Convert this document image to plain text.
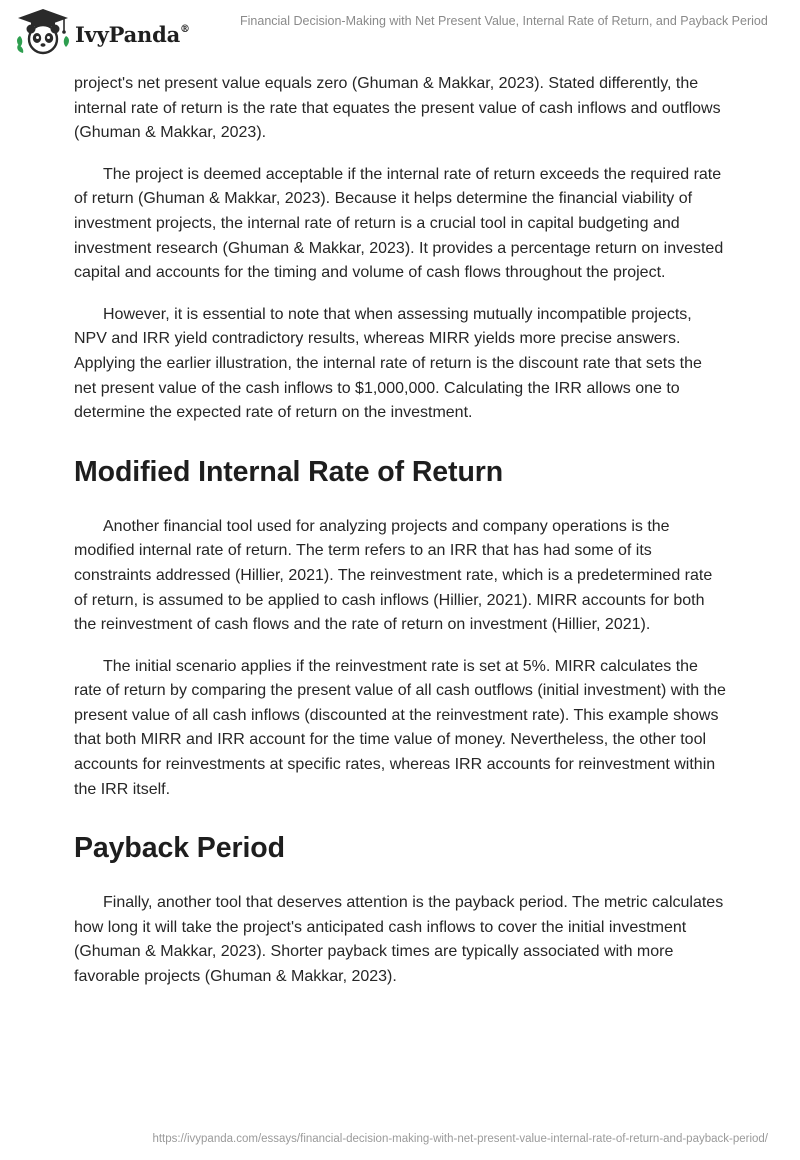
IvyPanda®
Financial Decision-Making with Net Present Value, Internal Rate of Return, and Payback Period

project's net present value equals zero (Ghuman & Makkar, 2023). Stated differently, the internal rate of return is the rate that equates the present value of cash inflows and outflows (Ghuman & Makkar, 2023).

The project is deemed acceptable if the internal rate of return exceeds the required rate of return (Ghuman & Makkar, 2023). Because it helps determine the financial viability of investment projects, the internal rate of return is a crucial tool in capital budgeting and investment research (Ghuman & Makkar, 2023). It provides a percentage return on invested capital and accounts for the timing and volume of cash flows throughout the project.

However, it is essential to note that when assessing mutually incompatible projects, NPV and IRR yield contradictory results, whereas MIRR yields more precise answers. Applying the earlier illustration, the internal rate of return is the discount rate that sets the net present value of the cash inflows to $1,000,000. Calculating the IRR allows one to determine the expected rate of return on the investment.

Modified Internal Rate of Return

Another financial tool used for analyzing projects and company operations is the modified internal rate of return. The term refers to an IRR that has had some of its constraints addressed (Hillier, 2021). The reinvestment rate, which is a predetermined rate of return, is assumed to be applied to cash inflows (Hillier, 2021). MIRR accounts for both the reinvestment of cash flows and the rate of return on investment (Hillier, 2021).

The initial scenario applies if the reinvestment rate is set at 5%. MIRR calculates the rate of return by comparing the present value of all cash outflows (initial investment) with the present value of all cash inflows (discounted at the reinvestment rate). This example shows that both MIRR and IRR account for the time value of money. Nevertheless, the other tool accounts for reinvestments at specific rates, whereas IRR accounts for reinvestment within the IRR itself.

Payback Period

Finally, another tool that deserves attention is the payback period. The metric calculates how long it will take the project's anticipated cash inflows to cover the initial investment (Ghuman & Makkar, 2023). Shorter payback times are typically associated with more favorable projects (Ghuman & Makkar, 2023).

https://ivypanda.com/essays/financial-decision-making-with-net-present-value-internal-rate-of-return-and-payback-period/
